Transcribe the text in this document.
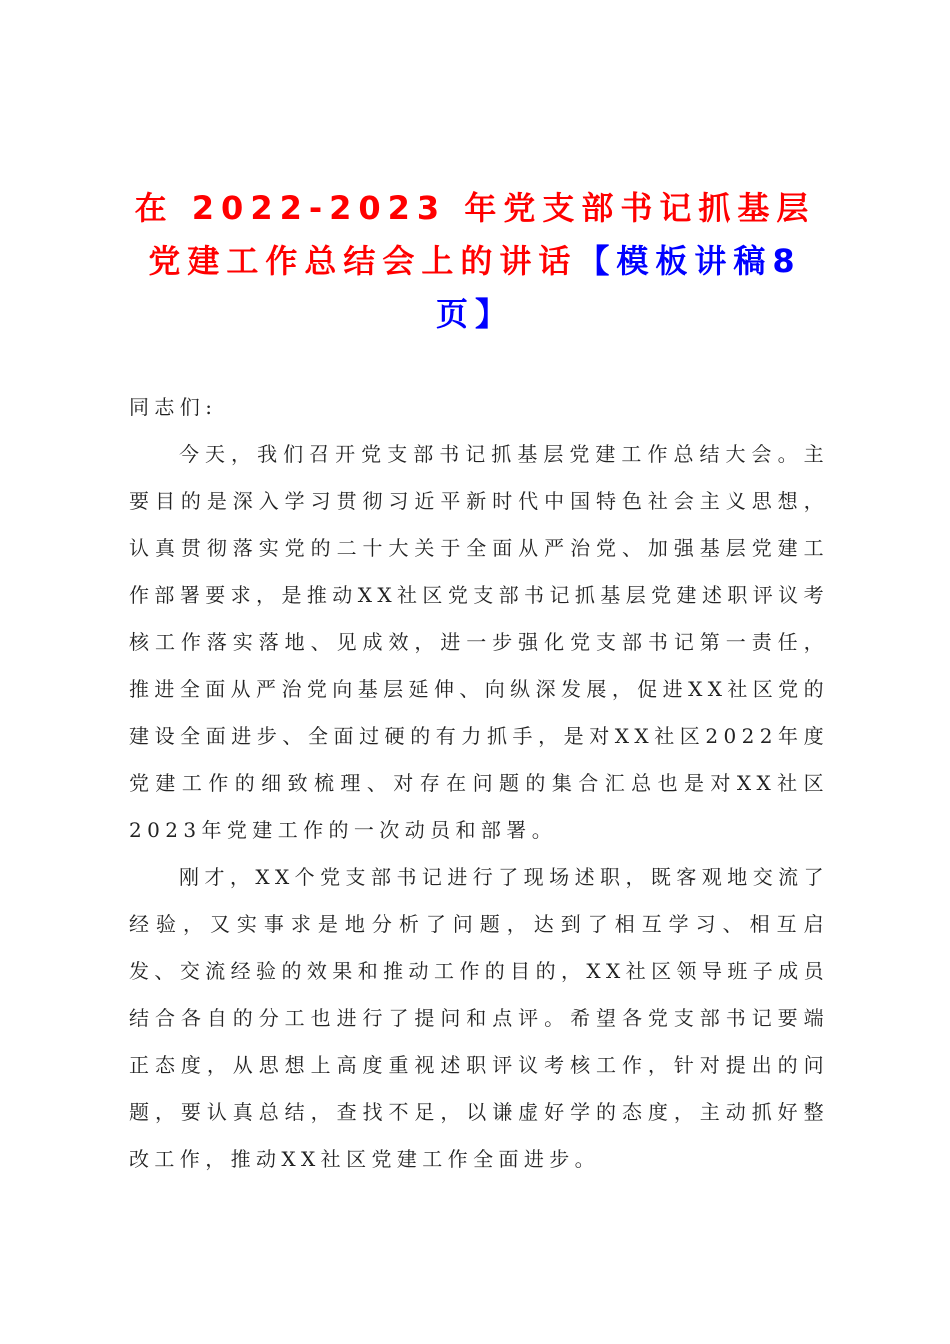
在 2022-2023 年党支部书记抓基层党建工作总结会上的讲话【模板讲稿8页】

同志们:

今天，我们召开党支部书记抓基层党建工作总结大会。主要目的是深入学习贯彻习近平新时代中国特色社会主义思想，认真贯彻落实党的二十大关于全面从严治党、加强基层党建工作部署要求，是推动XX社区党支部书记抓基层党建述职评议考核工作落实落地、见成效，进一步强化党支部书记第一责任，推进全面从严治党向基层延伸、向纵深发展，促进XX社区党的建设全面进步、全面过硬的有力抓手，是对XX社区2022年度党建工作的细致梳理、对存在问题的集合汇总也是对XX社区2023年党建工作的一次动员和部署。

刚才，XX个党支部书记进行了现场述职，既客观地交流了经验，又实事求是地分析了问题，达到了相互学习、相互启发、交流经验的效果和推动工作的目的，XX社区领导班子成员结合各自的分工也进行了提问和点评。希望各党支部书记要端正态度，从思想上高度重视述职评议考核工作，针对提出的问题，要认真总结，查找不足，以谦虚好学的态度，主动抓好整改工作，推动XX社区党建工作全面进步。
